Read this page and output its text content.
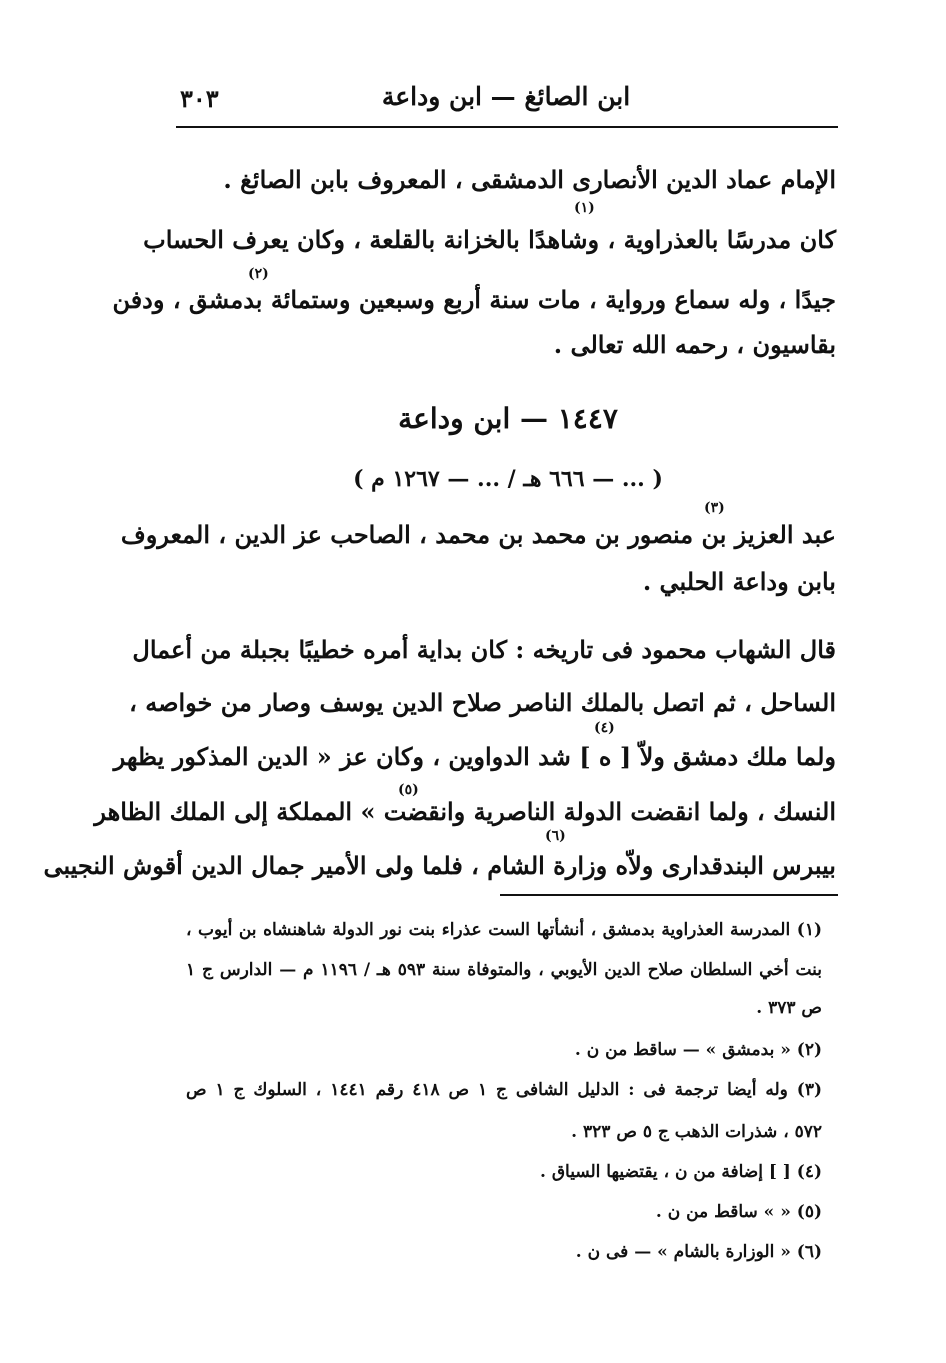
ابن الصائغ — ابن وداعة
٣٠٣
الإمام عماد الدين الأنصارى الدمشقى ، المعروف بابن الصائغ .
(١)
كان مدرسًا بالعذراوية ، وشاهدًا بالخزانة بالقلعة ، وكان يعرف الحساب
(٢)
جيدًا ، وله سماع ورواية ، مات سنة أربع وسبعين وستمائة بدمشق ، ودفن
بقاسيون ، رحمه الله تعالى .
١٤٤٧ — ابن وداعة
( ... — ٦٦٦ هـ / ... — ١٢٦٧ م )
(٣)
عبد العزيز بن منصور بن محمد بن محمد ، الصاحب عز الدين ، المعروف
بابن وداعة الحلبي .
قال الشهاب محمود فى تاريخه : كان بداية أمره خطيبًا بجبلة من أعمال
الساحل ، ثم اتصل بالملك الناصر صلاح الدين يوسف وصار من خواصه ،
(٤)
ولما ملك دمشق ولاّ [ ه ] شد الدواوين ، وكان عز « الدين المذكور يظهر
(٥)
النسك ، ولما انقضت الدولة الناصرية وانقضت » المملكة إلى الملك الظاهر
(٦)
بيبرس البندقدارى ولاّه وزارة الشام ، فلما ولى الأمير جمال الدين أقوش النجيبى
(١) المدرسة العذراوية بدمشق ، أنشأتها الست عذراء بنت نور الدولة شاهنشاه بن أيوب ،
بنت أخي السلطان صلاح الدين الأيوبي ، والمتوفاة سنة ٥٩٣ هـ / ١١٩٦ م — الدارس ج ١
ص ٣٧٣ .
(٢) « بدمشق » — ساقط من ن .
(٣) وله أيضا ترجمة فى : الدليل الشافى ج ١ ص ٤١٨ رقم ١٤٤١ ، السلوك ج ١ ص
٥٧٢ ، شذرات الذهب ج ٥ ص ٣٢٣ .
(٤) [ ] إضافة من ن ، يقتضيها السياق .
(٥) « » ساقط من ن .
(٦) « الوزارة بالشام » — فى ن .
